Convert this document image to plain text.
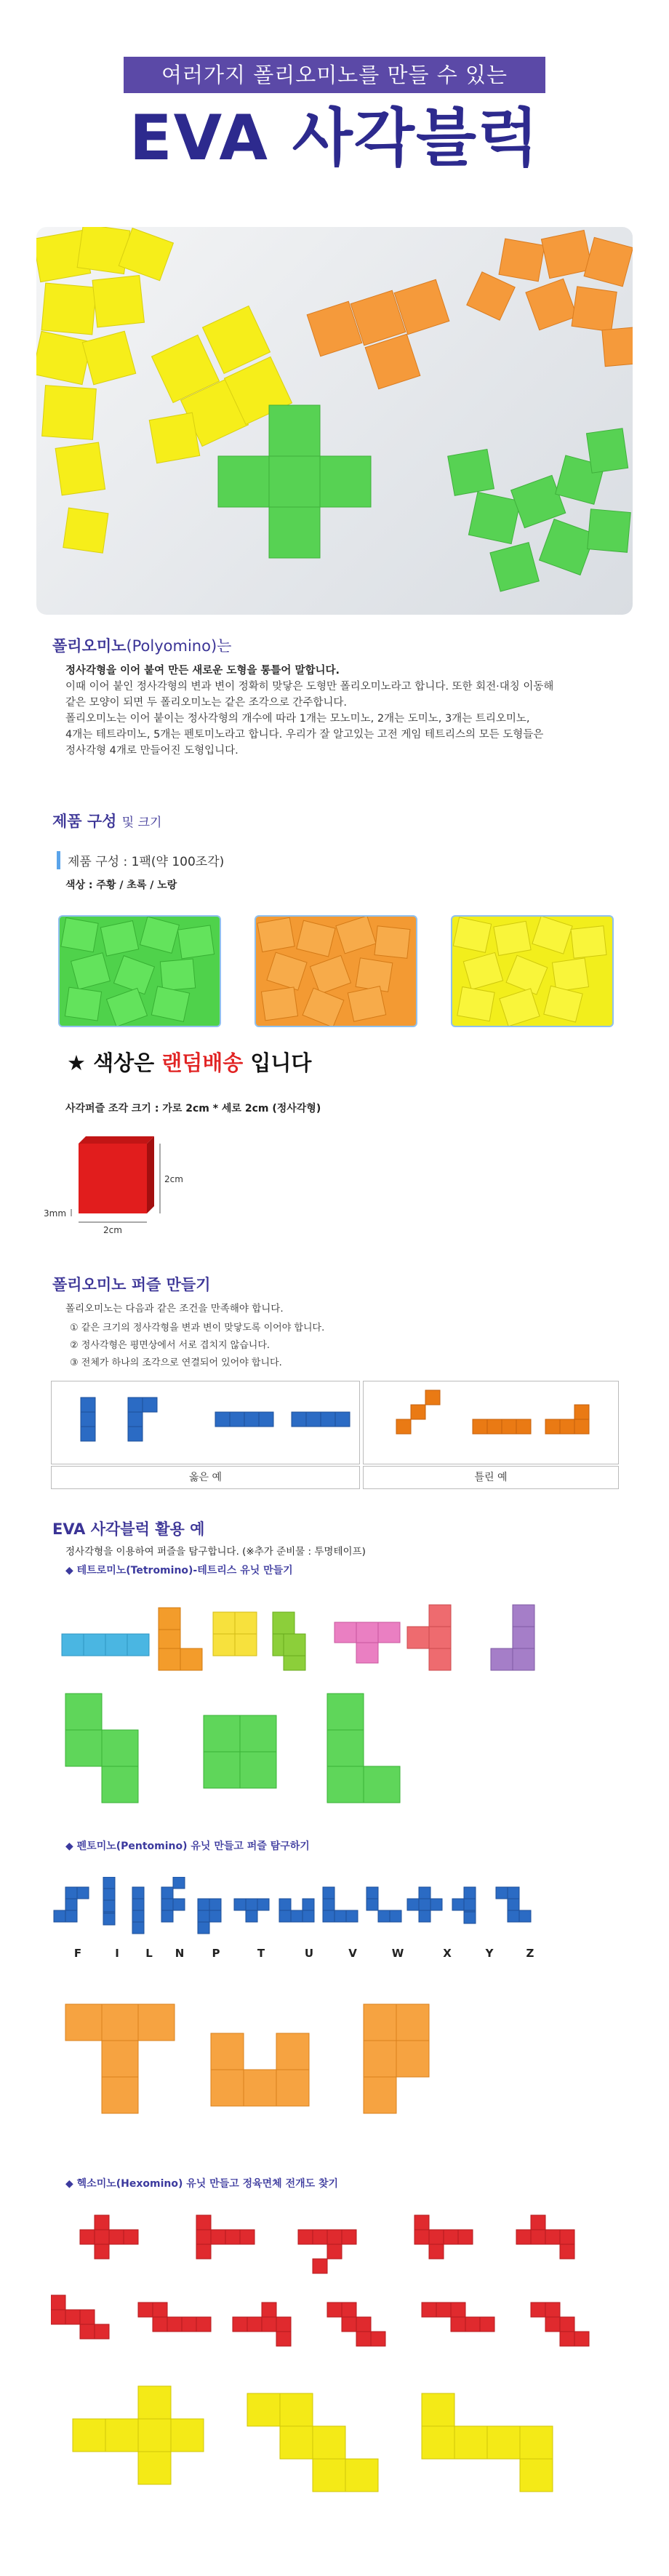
여러가지 폴리오미노를 만들 수 있는
EVA 사각블럭
폴리오미노(Polyomino)는
정사각형을 이어 붙여 만든 새로운 도형을 통틀어 말합니다.
이때 이어 붙인 정사각형의 변과 변이 정확히 맞닿은 도형만 폴리오미노라고 합니다. 또한 회전·대칭 이동해
같은 모양이 되면 두 폴리오미노는 같은 조각으로 간주합니다.
폴리오미노는 이어 붙이는 정사각형의 개수에 따라 1개는 모노미노, 2개는 도미노, 3개는 트리오미노,
4개는 테트라미노, 5개는 펜토미노라고 합니다. 우리가 잘 알고있는 고전 게임 테트리스의 모든 도형들은
정사각형 4개로 만들어진 도형입니다.
제품 구성 및 크기
제품 구성 : 1팩(약 100조각)
색상 : 주황 / 초록 / 노랑
★ 색상은 랜덤배송 입니다
사각퍼즐 조각 크기 : 가로 2cm * 세로 2cm (정사각형)
2cm
2cm
3mm
폴리오미노 퍼즐 만들기
폴리오미노는 다음과 같은 조건을 만족해야 합니다.
① 같은 크기의 정사각형을 변과 변이 맞닿도록 이어야 합니다.
② 정사각형은 평면상에서 서로 겹치지 않습니다.
③ 전체가 하나의 조각으로 연결되어 있어야 합니다.
옳은 예	틀린 예
EVA 사각블럭 활용 예
정사각형을 이용하여 퍼즐을 탐구합니다. (※추가 준비물 : 투명테이프)
◆ 테트로미노(Tetromino)-테트리스 유닛 만들기
◆ 펜토미노(Pentomino) 유닛 만들고 퍼즐 탐구하기
F	I	L	N	P	T	U	V	W	X	Y	Z
◆ 헥소미노(Hexomino) 유닛 만들고 정육면체 전개도 찾기
